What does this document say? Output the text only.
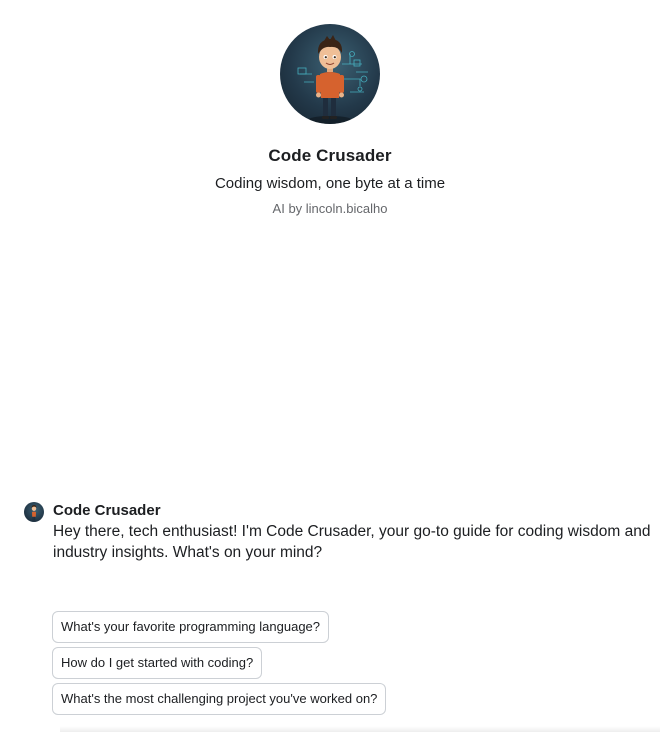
Code Crusader
Coding wisdom, one byte at a time
AI by lincoln.bicalho
Code Crusader
Hey there, tech enthusiast! I'm Code Crusader, your go-to guide for coding wisdom and industry insights. What's on your mind?
What's your favorite programming language?
How do I get started with coding?
What's the most challenging project you've worked on?
